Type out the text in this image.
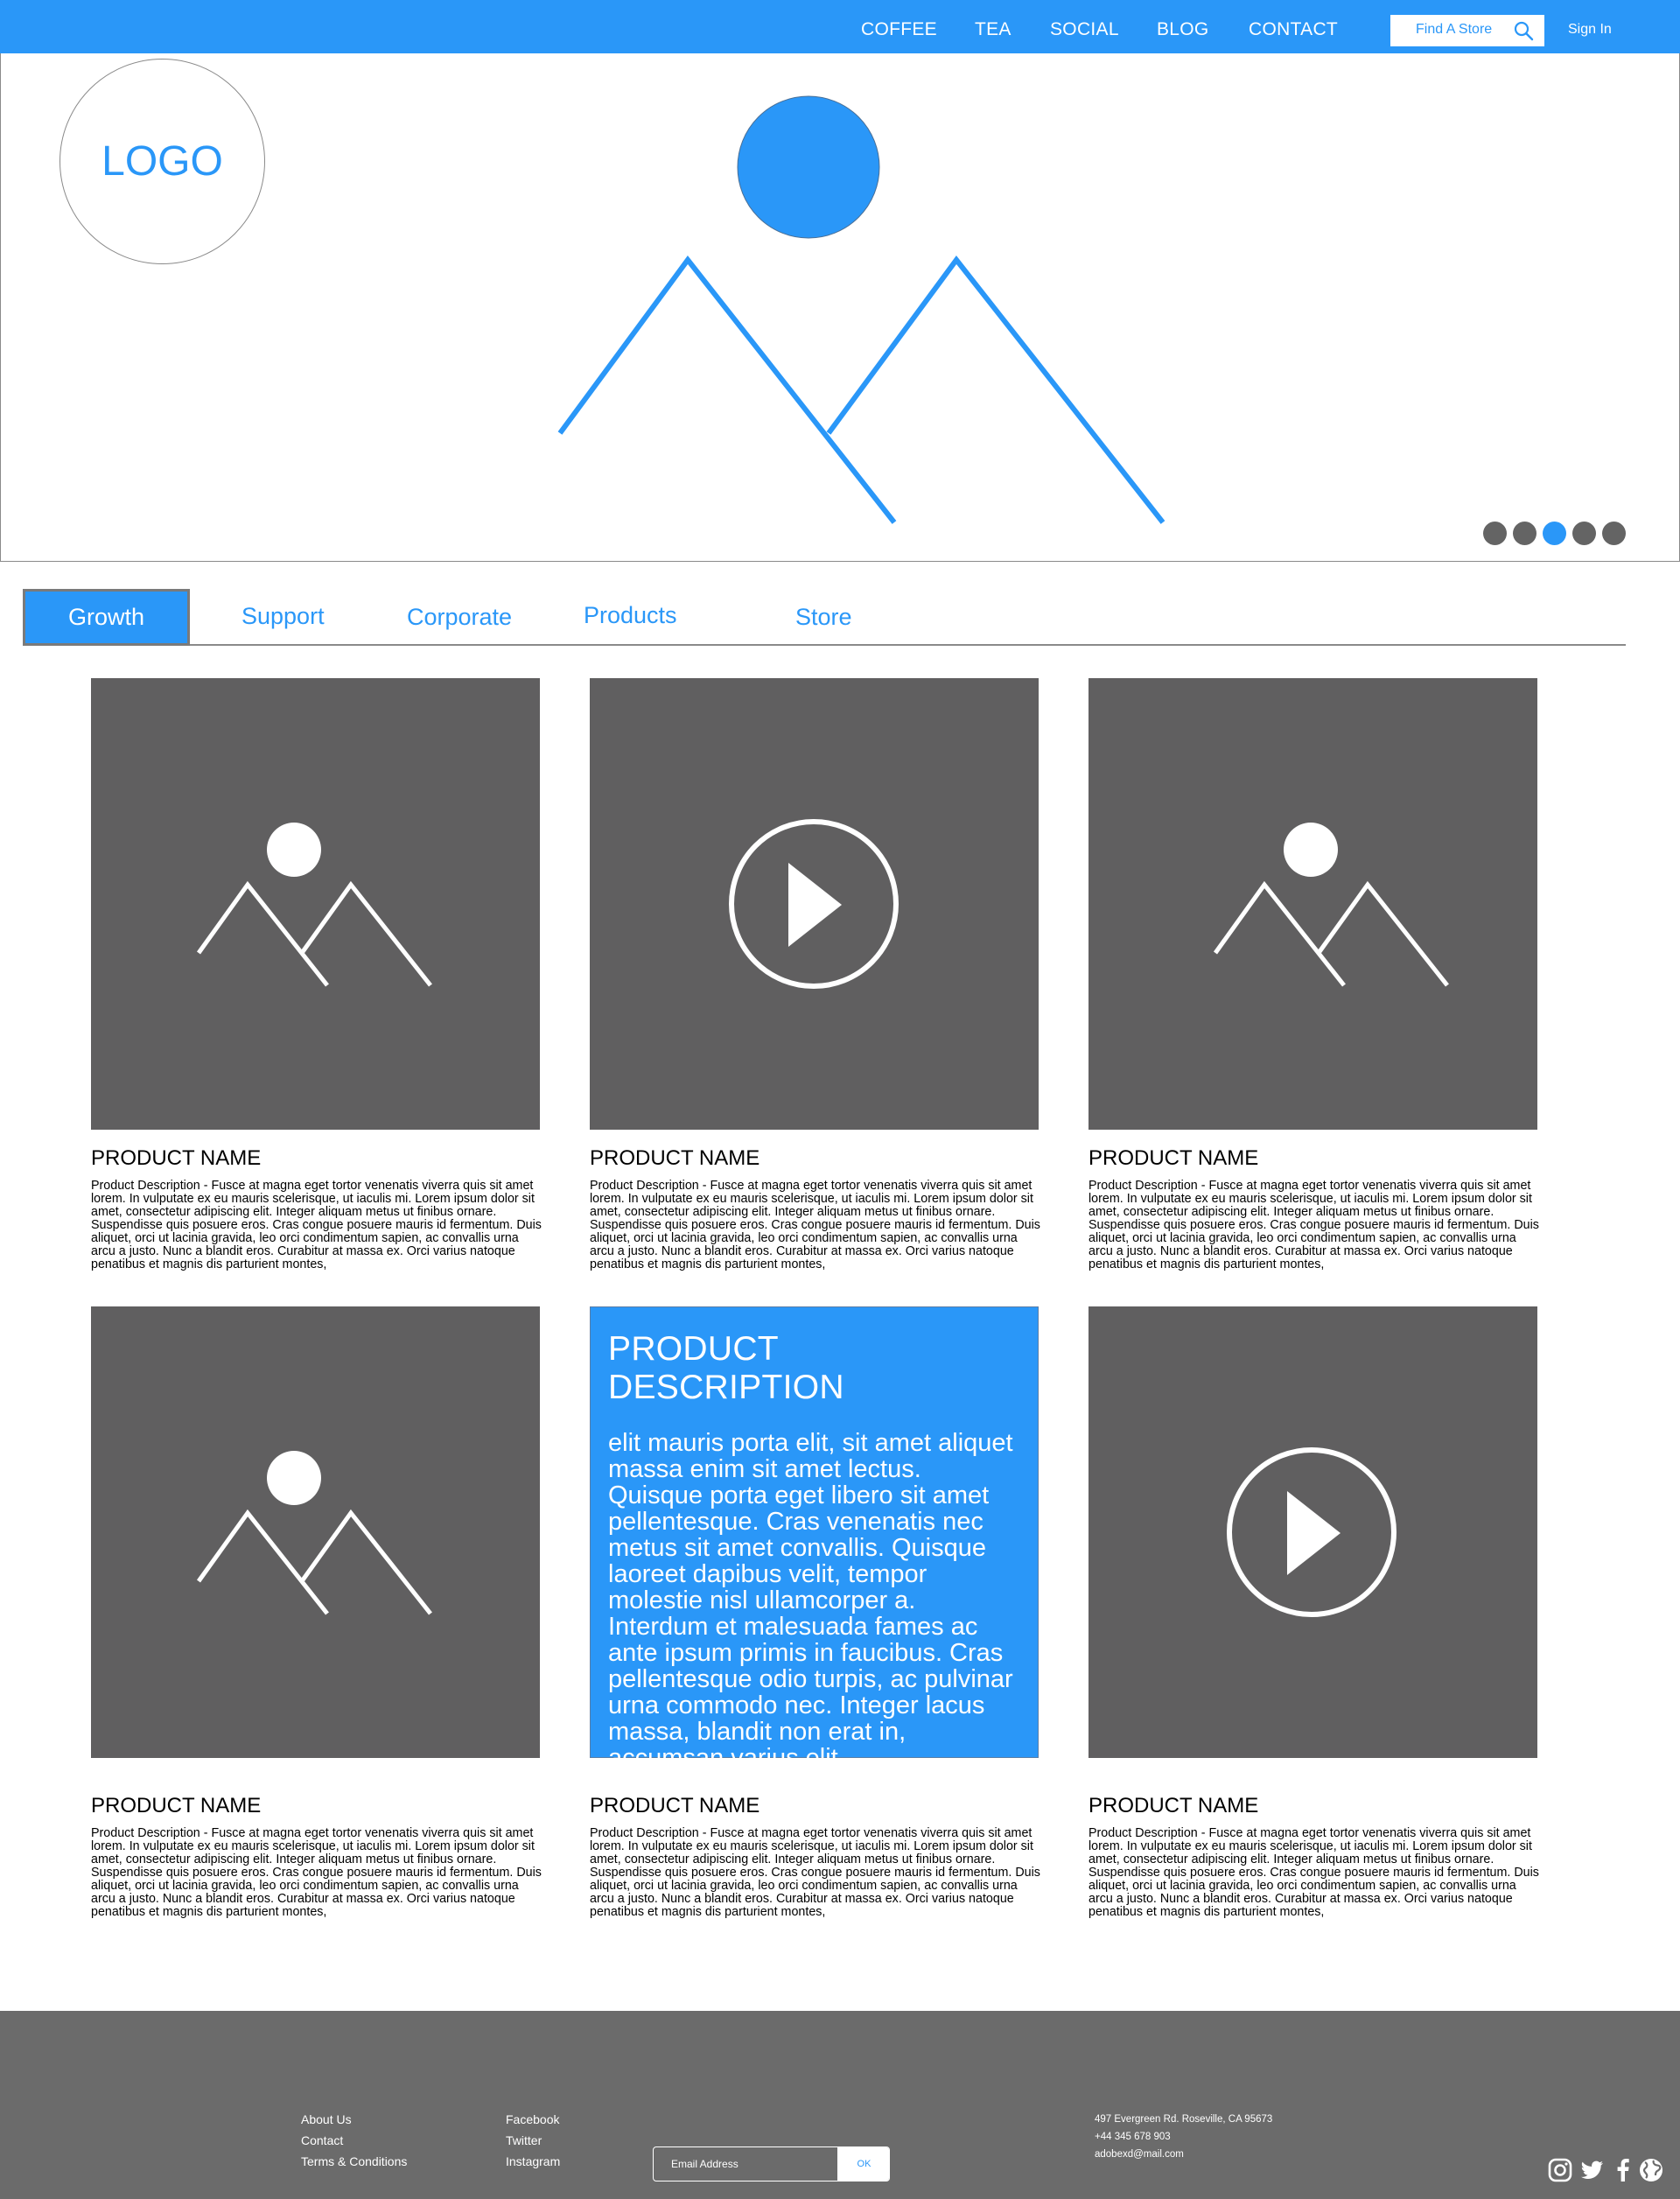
COFFEE TEA SOCIAL BLOG CONTACT	Find A Store	Sign In
LOGO
Growth	Support	Corporate	Products	Store
PRODUCT NAME	PRODUCT NAME	PRODUCT NAME
Product Description - Fusce at magna eget tortor venenatis viverra quis sit amet lorem. In vulputate ex eu mauris scelerisque, ut iaculis mi. Lorem ipsum dolor sit amet, consectetur adipiscing elit. Integer aliquam metus ut finibus ornare. Suspendisse quis posuere eros. Cras congue posuere mauris id fermentum. Duis aliquet, orci ut lacinia gravida, leo orci condimentum sapien, ac convallis urna arcu a justo. Nunc a blandit eros. Curabitur at massa ex. Orci varius natoque penatibus et magnis dis parturient montes,
Product Description - Fusce at magna eget tortor venenatis viverra quis sit amet lorem. In vulputate ex eu mauris scelerisque, ut iaculis mi. Lorem ipsum dolor sit amet, consectetur adipiscing elit. Integer aliquam metus ut finibus ornare. Suspendisse quis posuere eros. Cras congue posuere mauris id fermentum. Duis aliquet, orci ut lacinia gravida, leo orci condimentum sapien, ac convallis urna arcu a justo. Nunc a blandit eros. Curabitur at massa ex. Orci varius natoque penatibus et magnis dis parturient montes,
Product Description - Fusce at magna eget tortor venenatis viverra quis sit amet lorem. In vulputate ex eu mauris scelerisque, ut iaculis mi. Lorem ipsum dolor sit amet, consectetur adipiscing elit. Integer aliquam metus ut finibus ornare. Suspendisse quis posuere eros. Cras congue posuere mauris id fermentum. Duis aliquet, orci ut lacinia gravida, leo orci condimentum sapien, ac convallis urna arcu a justo. Nunc a blandit eros. Curabitur at massa ex. Orci varius natoque penatibus et magnis dis parturient montes,
PRODUCT DESCRIPTION

elit mauris porta elit, sit amet aliquet massa enim sit amet lectus. Quisque porta eget libero sit amet pellentesque. Cras venenatis nec metus sit amet convallis. Quisque laoreet dapibus velit, tempor molestie nisl ullamcorper a. Interdum et malesuada fames ac ante ipsum primis in faucibus. Cras pellentesque odio turpis, ac pulvinar urna commodo nec. Integer lacus massa, blandit non erat in, accumsan varius elit.

PRODUCT NAME	PRODUCT NAME	PRODUCT NAME
Product Description - Fusce at magna eget tortor venenatis viverra quis sit amet lorem. In vulputate ex eu mauris scelerisque, ut iaculis mi. Lorem ipsum dolor sit amet, consectetur adipiscing elit. Integer aliquam metus ut finibus ornare. Suspendisse quis posuere eros. Cras congue posuere mauris id fermentum. Duis aliquet, orci ut lacinia gravida, leo orci condimentum sapien, ac convallis urna arcu a justo. Nunc a blandit eros. Curabitur at massa ex. Orci varius natoque penatibus et magnis dis parturient montes,
Product Description - Fusce at magna eget tortor venenatis viverra quis sit amet lorem. In vulputate ex eu mauris scelerisque, ut iaculis mi. Lorem ipsum dolor sit amet, consectetur adipiscing elit. Integer aliquam metus ut finibus ornare. Suspendisse quis posuere eros. Cras congue posuere mauris id fermentum. Duis aliquet, orci ut lacinia gravida, leo orci condimentum sapien, ac convallis urna arcu a justo. Nunc a blandit eros. Curabitur at massa ex. Orci varius natoque penatibus et magnis dis parturient montes,
Product Description - Fusce at magna eget tortor venenatis viverra quis sit amet lorem. In vulputate ex eu mauris scelerisque, ut iaculis mi. Lorem ipsum dolor sit amet, consectetur adipiscing elit. Integer aliquam metus ut finibus ornare. Suspendisse quis posuere eros. Cras congue posuere mauris id fermentum. Duis aliquet, orci ut lacinia gravida, leo orci condimentum sapien, ac convallis urna arcu a justo. Nunc a blandit eros. Curabitur at massa ex. Orci varius natoque penatibus et magnis dis parturient montes,
About Us
Contact
Terms & Conditions
Facebook
Twitter
Instagram
Email Address	OK
497 Evergreen Rd. Roseville, CA 95673
+44 345 678 903
adobexd@mail.com
